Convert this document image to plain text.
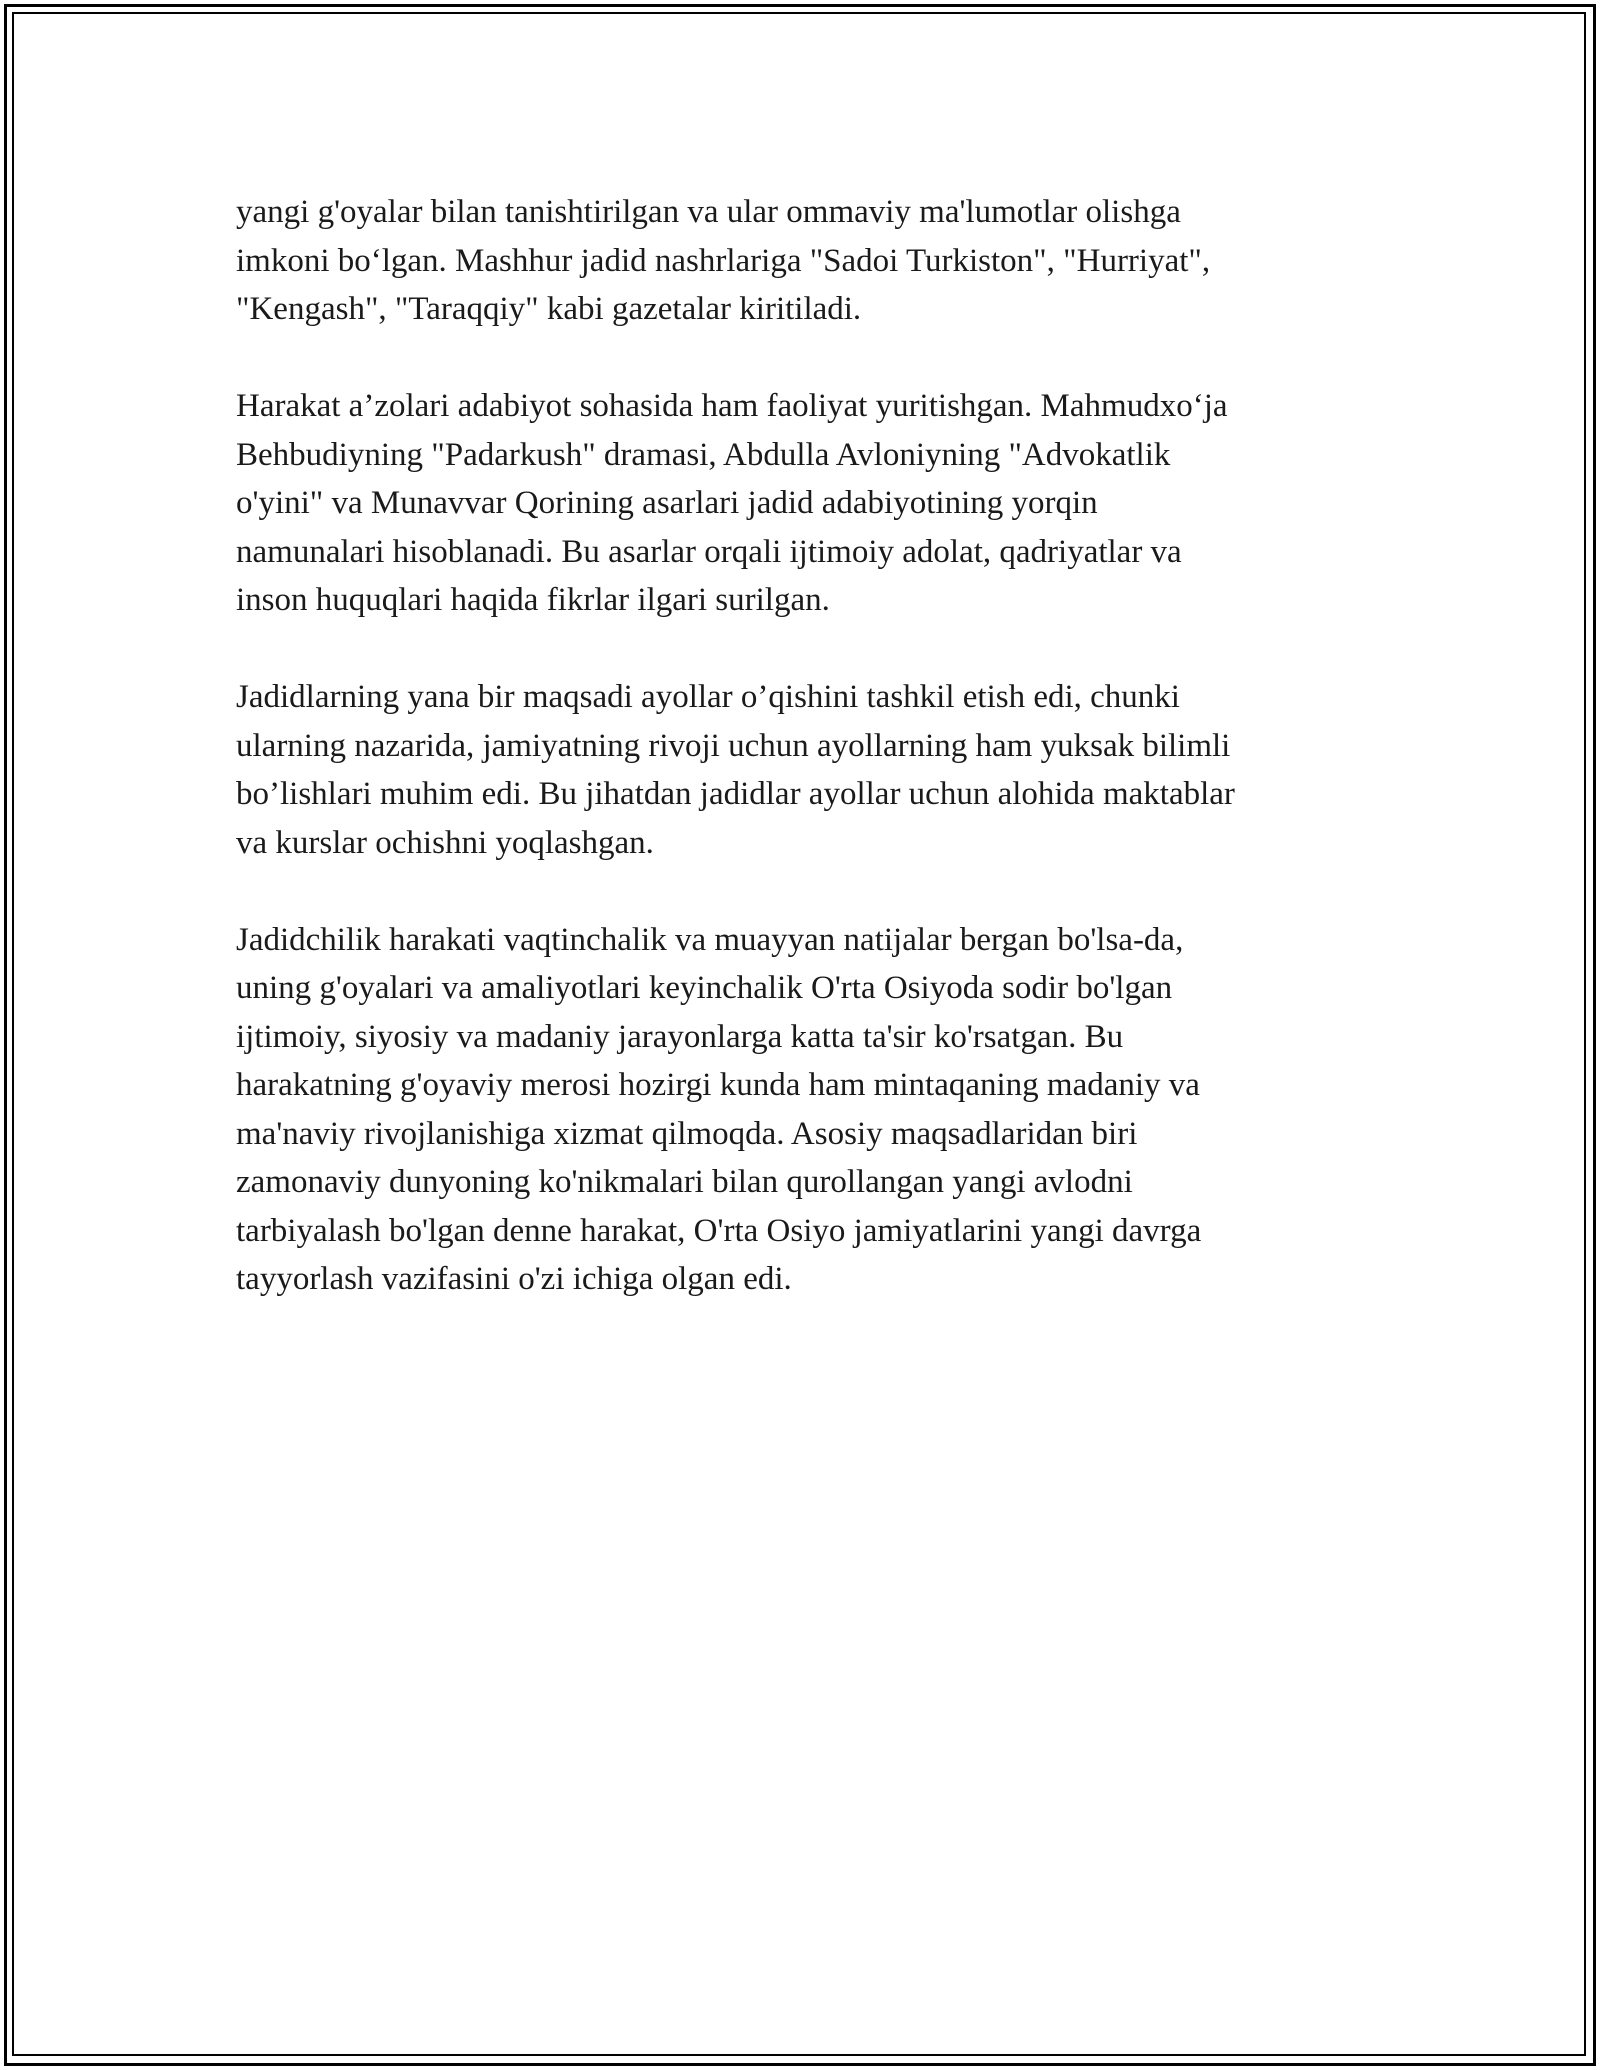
yangi g'oyalar bilan tanishtirilgan va ular ommaviy ma'lumotlar olishga
imkoni bo‘lgan. Mashhur jadid nashrlariga "Sadoi Turkiston", "Hurriyat",
"Kengash", "Taraqqiy" kabi gazetalar kiritiladi.

Harakat a’zolari adabiyot sohasida ham faoliyat yuritishgan. Mahmudxo‘ja
Behbudiyning "Padarkush" dramasi, Abdulla Avloniyning "Advokatlik
o'yini" va Munavvar Qorining asarlari jadid adabiyotining yorqin
namunalari hisoblanadi. Bu asarlar orqali ijtimoiy adolat, qadriyatlar va
inson huquqlari haqida fikrlar ilgari surilgan.

Jadidlarning yana bir maqsadi ayollar o’qishini tashkil etish edi, chunki
ularning nazarida, jamiyatning rivoji uchun ayollarning ham yuksak bilimli
bo’lishlari muhim edi. Bu jihatdan jadidlar ayollar uchun alohida maktablar
va kurslar ochishni yoqlashgan.

Jadidchilik harakati vaqtinchalik va muayyan natijalar bergan bo'lsa-da,
uning g'oyalari va amaliyotlari keyinchalik O'rta Osiyoda sodir bo'lgan
ijtimoiy, siyosiy va madaniy jarayonlarga katta ta'sir ko'rsatgan. Bu
harakatning g'oyaviy merosi hozirgi kunda ham mintaqaning madaniy va
ma'naviy rivojlanishiga xizmat qilmoqda. Asosiy maqsadlaridan biri
zamonaviy dunyoning ko'nikmalari bilan qurollangan yangi avlodni
tarbiyalash bo'lgan denne harakat, O'rta Osiyo jamiyatlarini yangi davrga
tayyorlash vazifasini o'zi ichiga olgan edi.
